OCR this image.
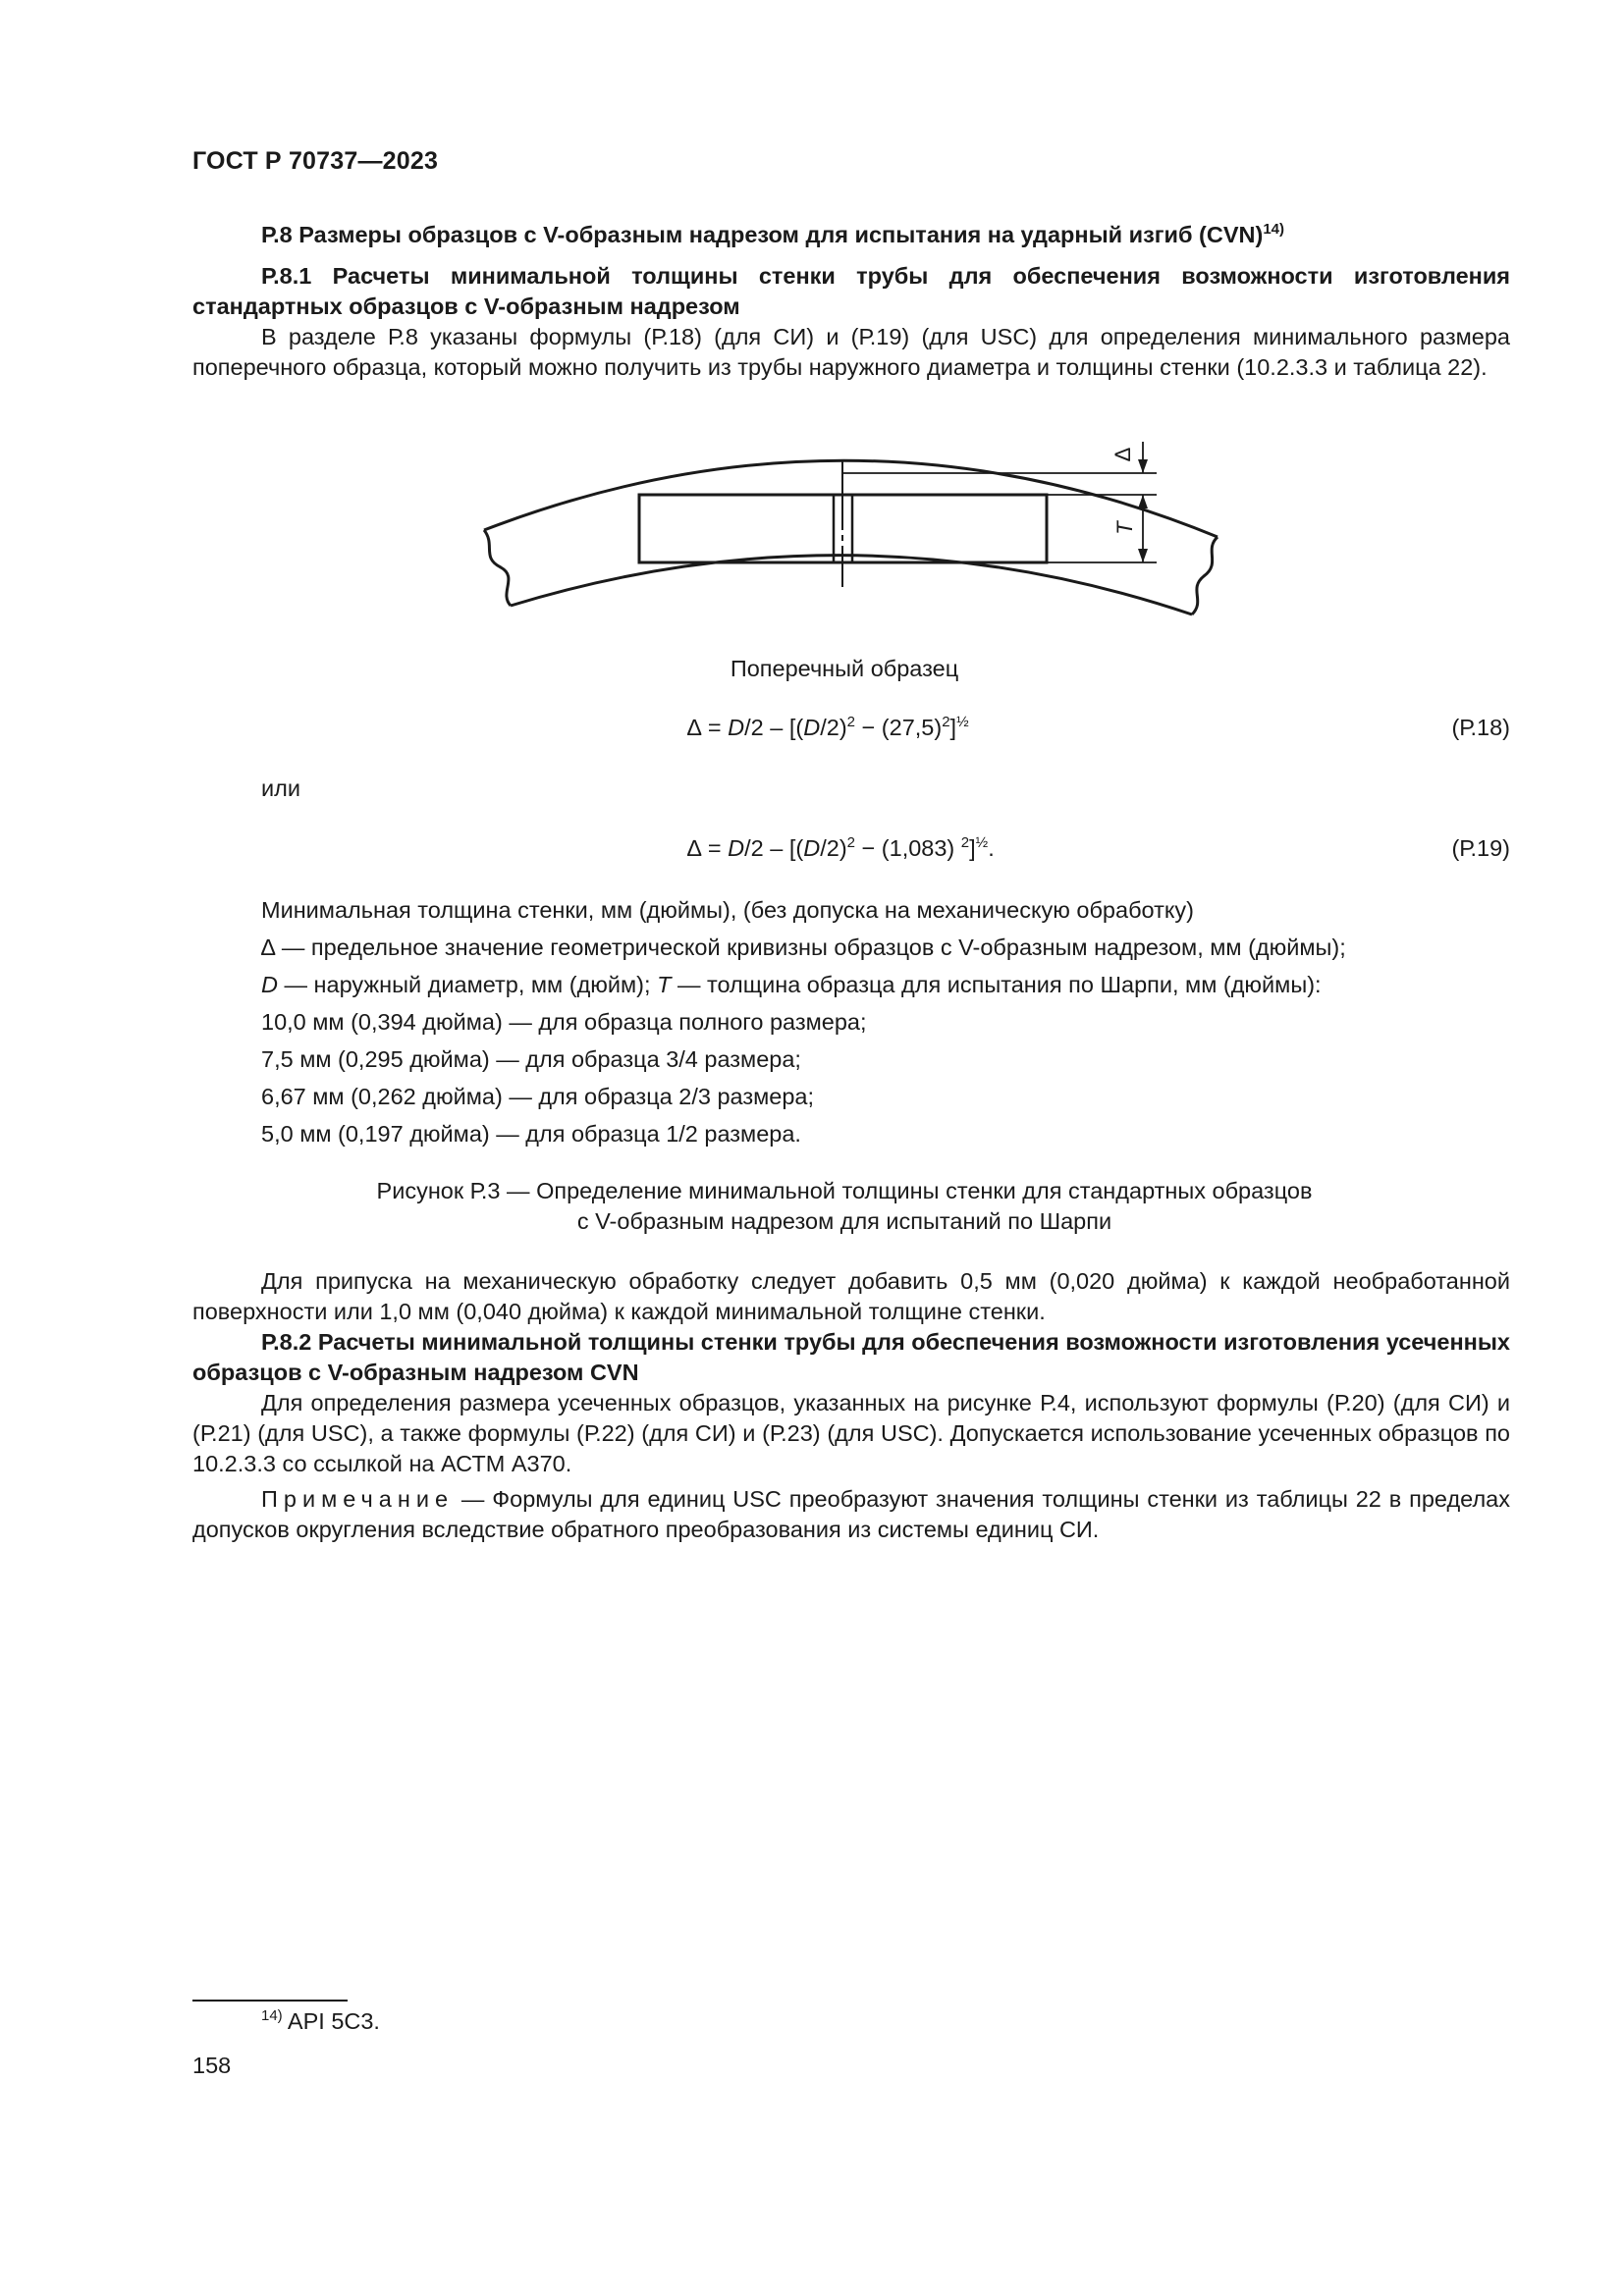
ГОСТ Р 70737—2023
Р.8 Размеры образцов с V-образным надрезом для испытания на ударный изгиб (CVN)$^{14)}$
Р.8.1 Расчеты минимальной толщины стенки трубы для обеспечения возможности изготовления стандартных образцов с V-образным надрезом
В разделе Р.8 указаны формулы (Р.18) (для СИ) и (Р.19) (для USC) для определения минимального размера поперечного образца, который можно получить из трубы наружного диаметра и толщины стенки (10.2.3.3 и таблица 22).
Δ
T
Поперечный образец
∆ = $D/2 - [(D/2)^2 - (27,5)^2]^{\frac{1}{2}}$	(Р.18)
или
∆ = $D/2 - [(D/2)^2 - (1,083)$ $^2$]$^{\frac{1}{2}}$.	(Р.19)
Минимальная толщина стенки, мм (дюймы), (без допуска на механическую обработку)
∆ — предельное значение геометрической кривизны образцов с V-образным надрезом, мм (дюймы);
D — наружный диаметр, мм (дюйм); T — толщина образца для испытания по Шарпи, мм (дюймы):
10,0 мм (0,394 дюйма) — для образца полного размера;
7,5 мм (0,295 дюйма) — для образца 3/4 размера;
6,67 мм (0,262 дюйма) — для образца 2/3 размера;
5,0 мм (0,197 дюйма) — для образца 1/2 размера.
Рисунок Р.3 — Определение минимальной толщины стенки для стандартных образцов
с V-образным надрезом для испытаний по Шарпи
Для припуска на механическую обработку следует добавить 0,5 мм (0,020 дюйма) к каждой необработанной поверхности или 1,0 мм (0,040 дюйма) к каждой минимальной толщине стенки.
Р.8.2 Расчеты минимальной толщины стенки трубы для обеспечения возможности изготовления усеченных образцов с V-образным надрезом CVN
Для определения размера усеченных образцов, указанных на рисунке Р.4, используют формулы (Р.20) (для СИ) и (Р.21) (для USC), а также формулы (Р.22) (для СИ) и (Р.23) (для USC). Допускается использование усеченных образцов по 10.2.3.3 со ссылкой на АСТМ А370.
Примечание — Формулы для единиц USC преобразуют значения толщины стенки из таблицы 22 в пределах допусков округления вследствие обратного преобразования из системы единиц СИ.
$^{14)}$ API 5C3.
158
